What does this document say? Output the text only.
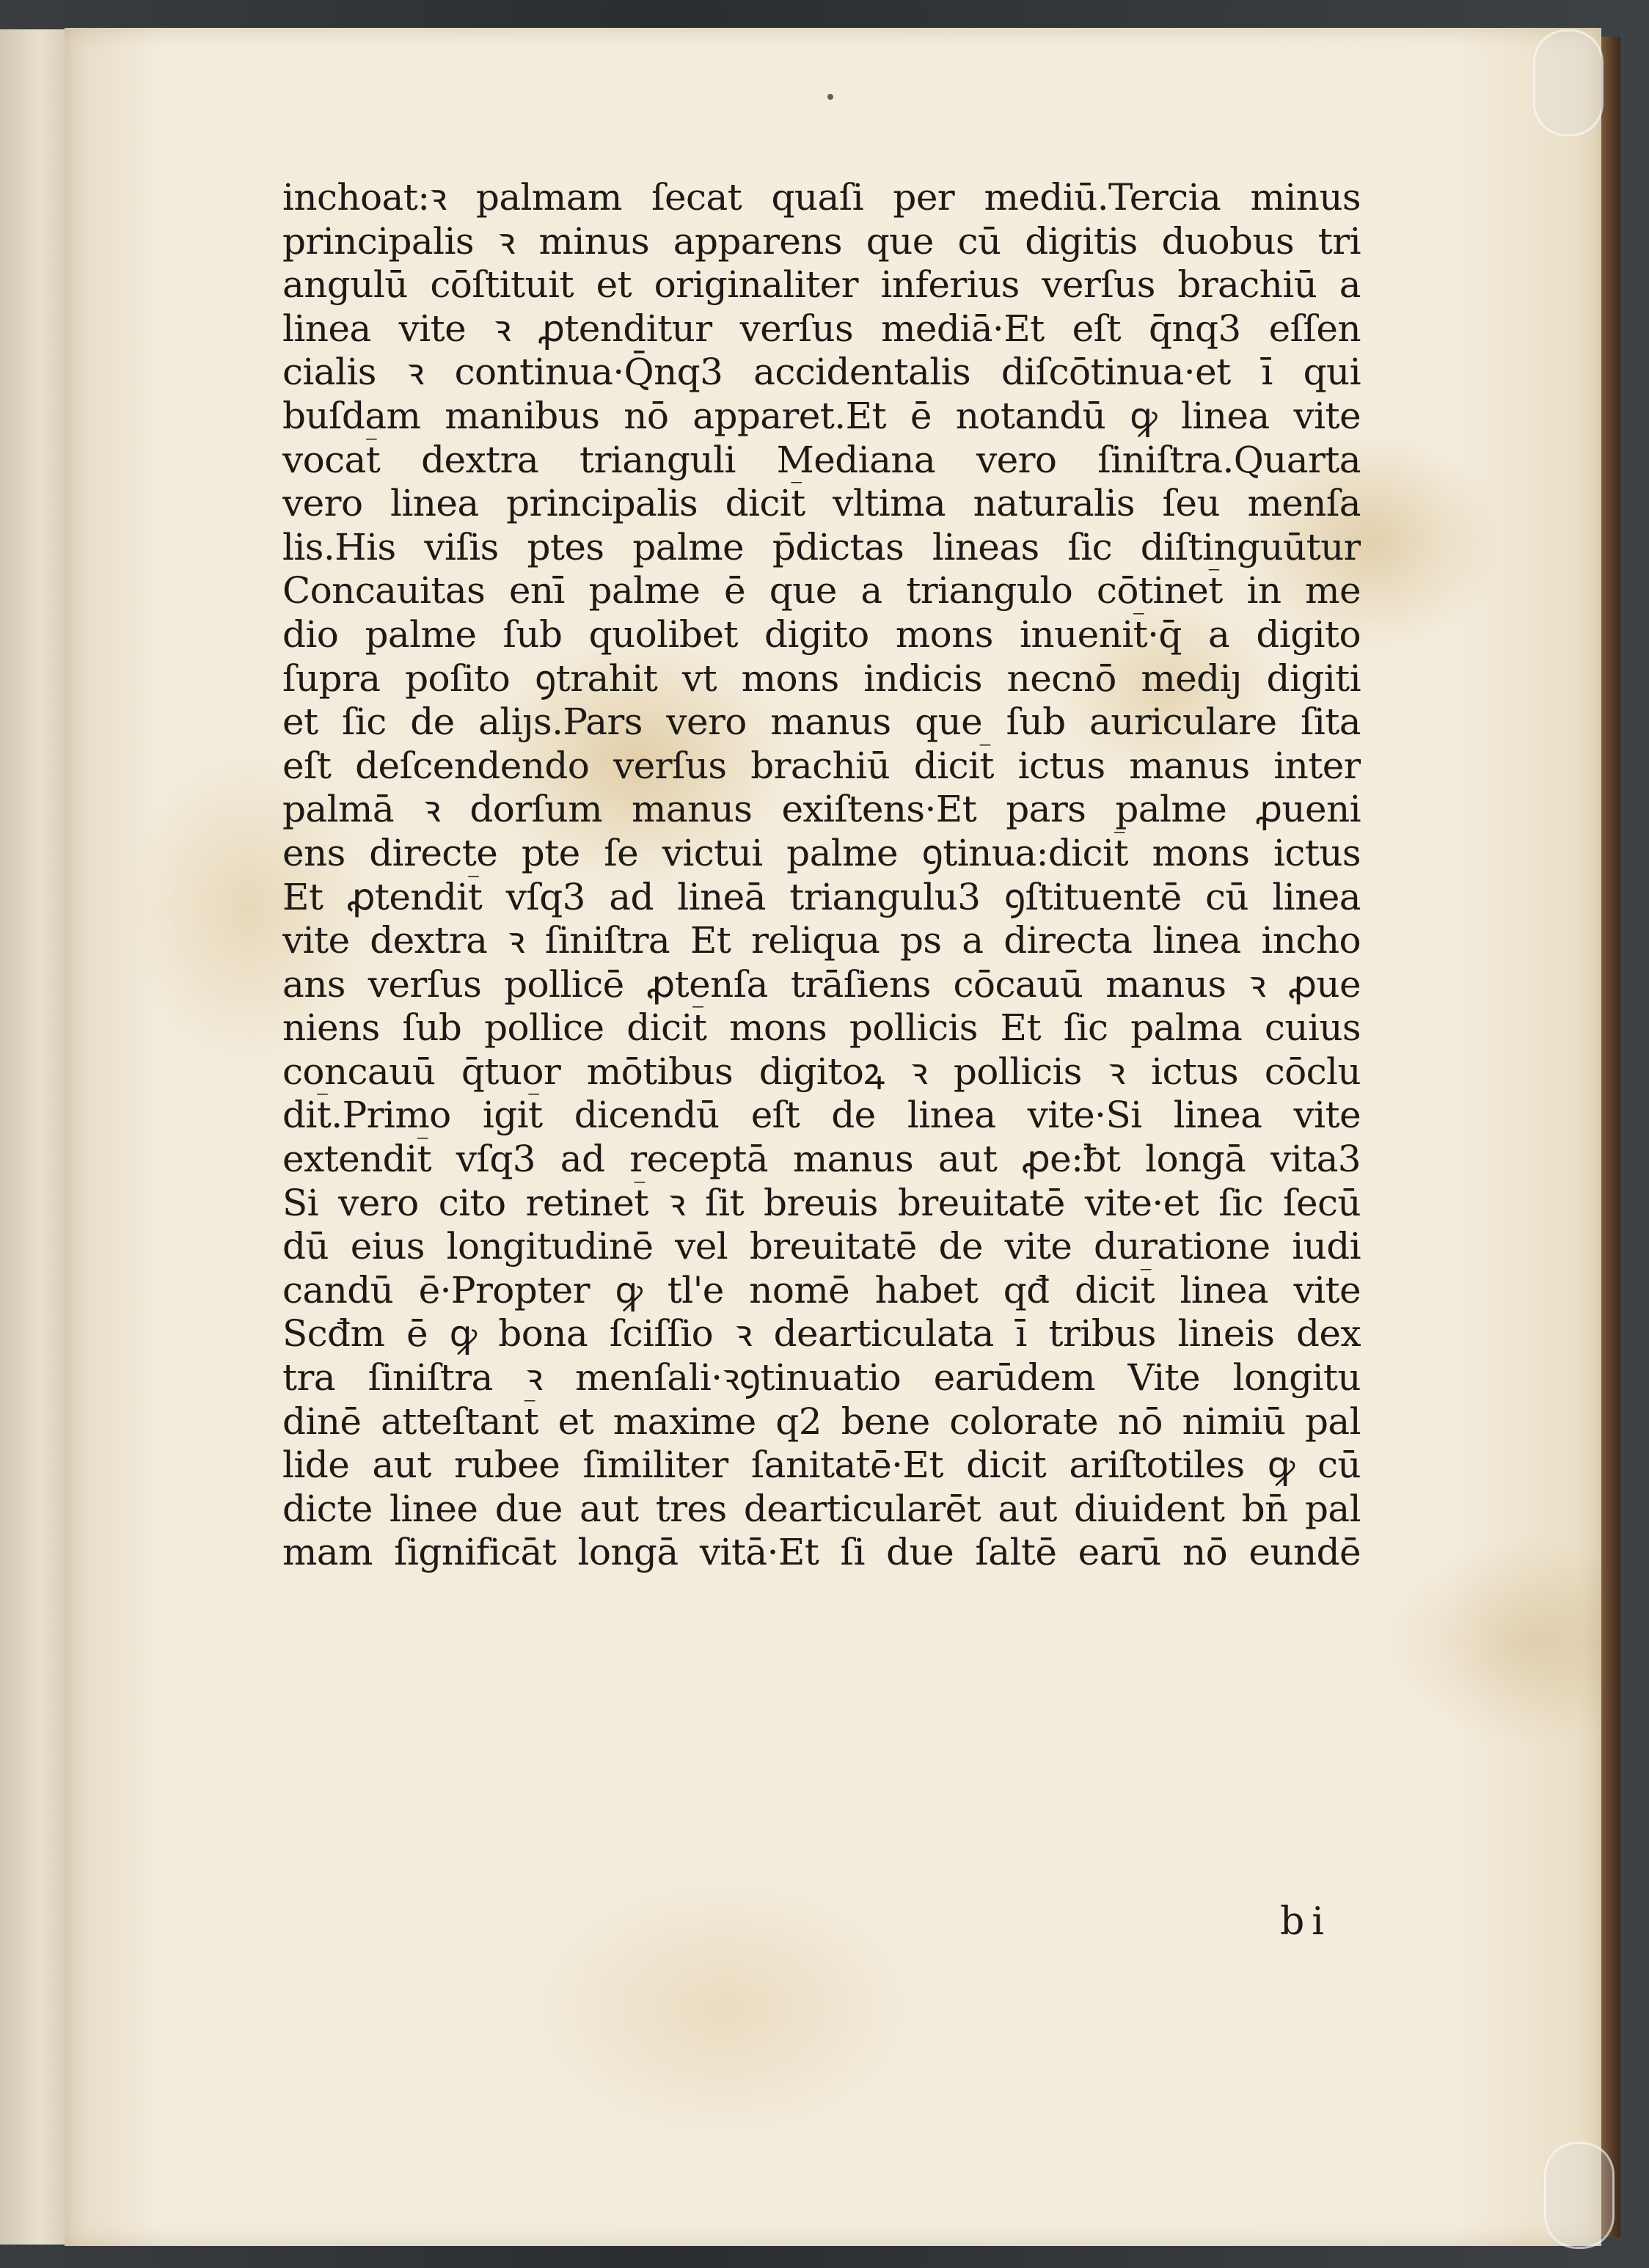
inchoat:ꝛ palmam ſecat quaſi per mediū.Tercia minus
principalis ꝛ minus apparens que cū digitis duobus tri
angulū cōſtituit et originaliter inferius verſus brachiū a
linea vite ꝛ ꝓtenditur verſus mediā·Et eſt q̄nq3 eſſen
cialis ꝛ continua·Q̄nq3 accidentalis diſcōtinua·et ī qui
buſdam manibus nō apparet.Et ē notandū ꝙ linea vite
vocat̄ dextra trianguli Mediana vero ſiniſtra.Quarta
vero linea principalis dicit̄ vltima naturalis ſeu menſa
lis.His viſis ptes palme p̄dictas lineas ſic diſtinguūtur
Concauitas enī palme ē que a triangulo cōtinet̄ in me
dio palme ſub quolibet digito mons inuenit̄·q̄ a digito
ſupra poſito ꝯtrahit vt mons indicis necnō mediȷ digiti
et ſic de aliȷs.Pars vero manus que ſub auriculare ſita
eſt deſcendendo verſus brachiū dicit̄ ictus manus inter
palmā ꝛ dorſum manus exiſtens·Et pars palme ꝓueni
ens directe pte ſe victui palme ꝯtinua:dicit̄ mons ictus
Et ꝓtendit̄ vſq3 ad lineā triangulu3 ꝯſtituentē cū linea
vite dextra ꝛ ſiniſtra Et reliqua ps a directa linea incho
ans verſus pollicē ꝓtenſa trāſiens cōcauū manus ꝛ ꝓue
niens ſub pollice dicit̄ mons pollicis Et ſic palma cuius
concauū q̄tuor mōtibus digitoꝝ ꝛ pollicis ꝛ ictus cōclu
dit̄.Primo igit̄ dicendū eſt de linea vite·Si linea vite
extendit̄ vſq3 ad receptā manus aut ꝓe:ƀt longā vita3
Si vero cito retinet̄ ꝛ ſit breuis breuitatē vite·et ſic ſecū
dū eius longitudinē vel breuitatē de vite duratione iudi
candū ē·Propter ꝙ tl'e nomē habet qđ dicit̄ linea vite
Scđm ē ꝙ bona ſciſſio ꝛ dearticulata ī tribus lineis dex
tra ſiniſtra ꝛ menſali·ꝛꝯtinuatio earūdem Vite longitu
dinē atteſtant̄ et maxime q2 bene colorate nō nimiū pal
lide aut rubee ſimiliter ſanitatē·Et dicit ariſtotiles ꝙ cū
dicte linee due aut tres dearticularēt aut diuident bn̄ pal
mam ſignificāt longā vitā·Et ſi due ſaltē earū nō eundē
bi
